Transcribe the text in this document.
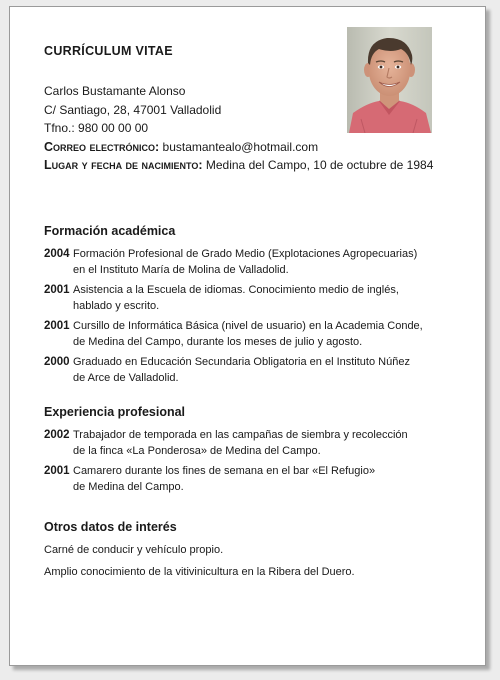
CURRÍCULUM VITAE
Carlos Bustamante Alonso
C/ Santiago, 28, 47001 Valladolid
Tfno.: 980 00 00 00
Correo electrónico: bustamantealo@hotmail.com
Lugar y fecha de nacimiento: Medina del Campo, 10 de octubre de 1984
Formación académica
2004 Formación Profesional de Grado Medio (Explotaciones Agropecuarias)
en el Instituto María de Molina de Valladolid.
2001 Asistencia a la Escuela de idiomas. Conocimiento medio de inglés,
hablado y escrito.
2001 Cursillo de Informática Básica (nivel de usuario) en la Academia Conde,
de Medina del Campo, durante los meses de julio y agosto.
2000 Graduado en Educación Secundaria Obligatoria en el Instituto Núñez
de Arce de Valladolid.
Experiencia profesional
2002 Trabajador de temporada en las campañas de siembra y recolección
de la finca «La Ponderosa» de Medina del Campo.
2001 Camarero durante los fines de semana en el bar «El Refugio»
de Medina del Campo.
Otros datos de interés
Carné de conducir y vehículo propio.
Amplio conocimiento de la vitivinicultura en la Ribera del Duero.
